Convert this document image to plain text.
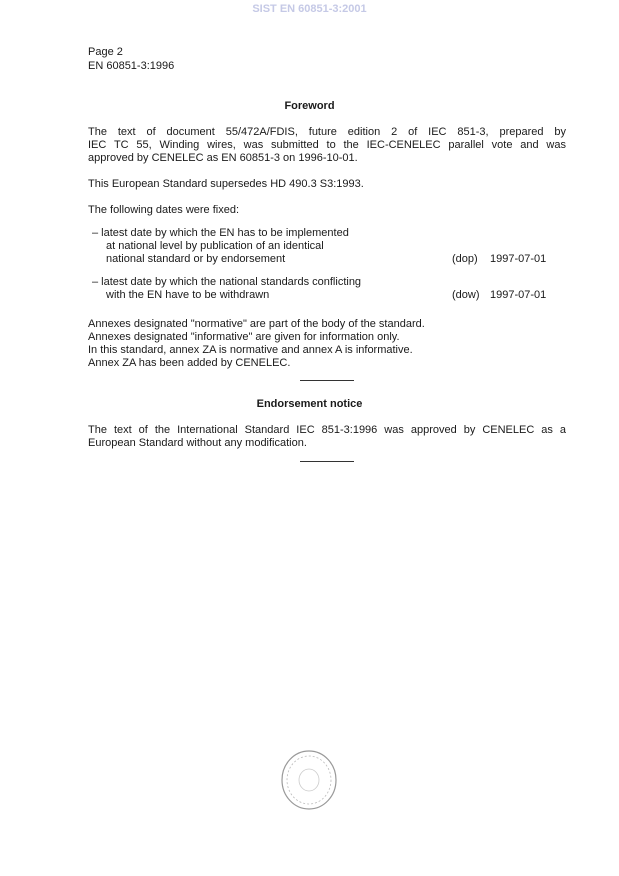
SIST EN 60851-3:2001
Page 2
EN 60851-3:1996
Foreword
The text of document 55/472A/FDIS, future edition 2 of IEC 851-3, prepared by
IEC TC 55, Winding wires, was submitted to the IEC-CENELEC parallel vote and was
approved by CENELEC as EN 60851-3 on 1996-10-01.
This European Standard supersedes HD 490.3 S3:1993.
The following dates were fixed:
– latest date by which the EN has to be implemented
at national level by publication of an identical
national standard or by endorsement	(dop) 1997-07-01
– latest date by which the national standards conflicting
with the EN have to be withdrawn	(dow) 1997-07-01
Annexes designated "normative" are part of the body of the standard.
Annexes designated "informative" are given for information only.
In this standard, annex ZA is normative and annex A is informative.
Annex ZA has been added by CENELEC.
Endorsement notice
The text of the International Standard IEC 851-3:1996 was approved by CENELEC as a
European Standard without any modification.
